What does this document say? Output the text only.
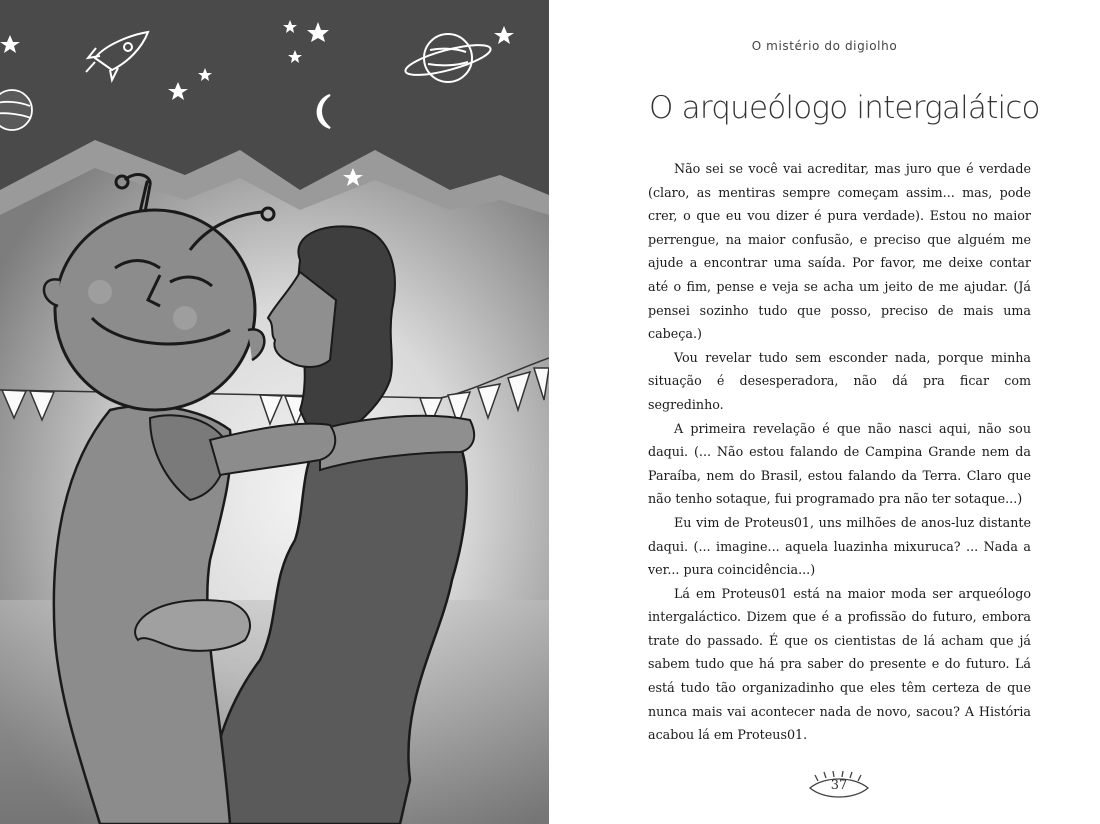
O mistério do digiolho
O arqueólogo intergalático

Não sei se você vai acreditar, mas juro que é verdade (claro, as mentiras sempre começam assim... mas, pode crer, o que eu vou dizer é pura verdade). Estou no maior perrengue, na maior confusão, e preciso que alguém me ajude a encontrar uma saída. Por favor, me deixe contar até o fim, pense e veja se acha um jeito de me ajudar. (Já pensei sozinho tudo que posso, preciso de mais uma cabeça.)

Vou revelar tudo sem esconder nada, porque minha situação é desesperadora, não dá pra ficar com segredinho.

A primeira revelação é que não nasci aqui, não sou daqui. (... Não estou falando de Campina Grande nem da Paraíba, nem do Brasil, estou falando da Terra. Claro que não tenho sotaque, fui programado pra não ter sotaque...)

Eu vim de Proteus01, uns milhões de anos-luz distante daqui. (... imagine... aquela luazinha mixuruca? ... Nada a ver... pura coincidência...)

Lá em Proteus01 está na maior moda ser arqueólogo intergaláctico. Dizem que é a profissão do futuro, embora trate do passado. É que os cientistas de lá acham que já sabem tudo que há pra saber do presente e do futuro. Lá está tudo tão organizadinho que eles têm certeza de que nunca mais vai acontecer nada de novo, sacou? A História acabou lá em Proteus01.

37
